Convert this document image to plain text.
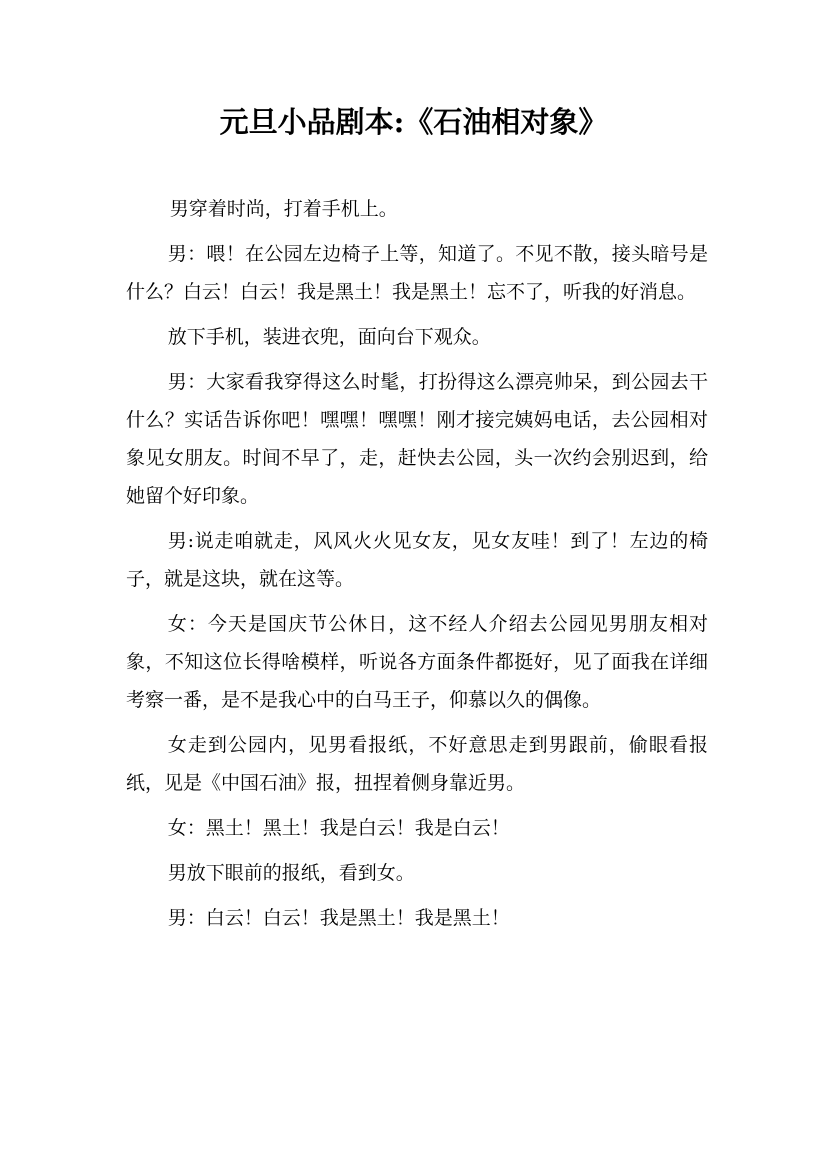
元旦小品剧本:《石油相对象》

男穿着时尚，打着手机上。

男：喂！在公园左边椅子上等，知道了。不见不散，接头暗号是什么？白云！白云！我是黑土！我是黑土！忘不了，听我的好消息。

放下手机，装进衣兜，面向台下观众。

男：大家看我穿得这么时髦，打扮得这么漂亮帅呆，到公园去干什么？实话告诉你吧！嘿嘿！嘿嘿！刚才接完姨妈电话，去公园相对象见女朋友。时间不早了，走，赶快去公园，头一次约会别迟到，给她留个好印象。

男:说走咱就走，风风火火见女友，见女友哇！到了！左边的椅子，就是这块，就在这等。

女：今天是国庆节公休日，这不经人介绍去公园见男朋友相对象，不知这位长得啥模样，听说各方面条件都挺好，见了面我在详细考察一番，是不是我心中的白马王子，仰慕以久的偶像。

女走到公园内，见男看报纸，不好意思走到男跟前，偷眼看报纸，见是《中国石油》报，扭捏着侧身靠近男。

女：黑土！黑土！我是白云！我是白云！

男放下眼前的报纸，看到女。

男：白云！白云！我是黑土！我是黑土！
